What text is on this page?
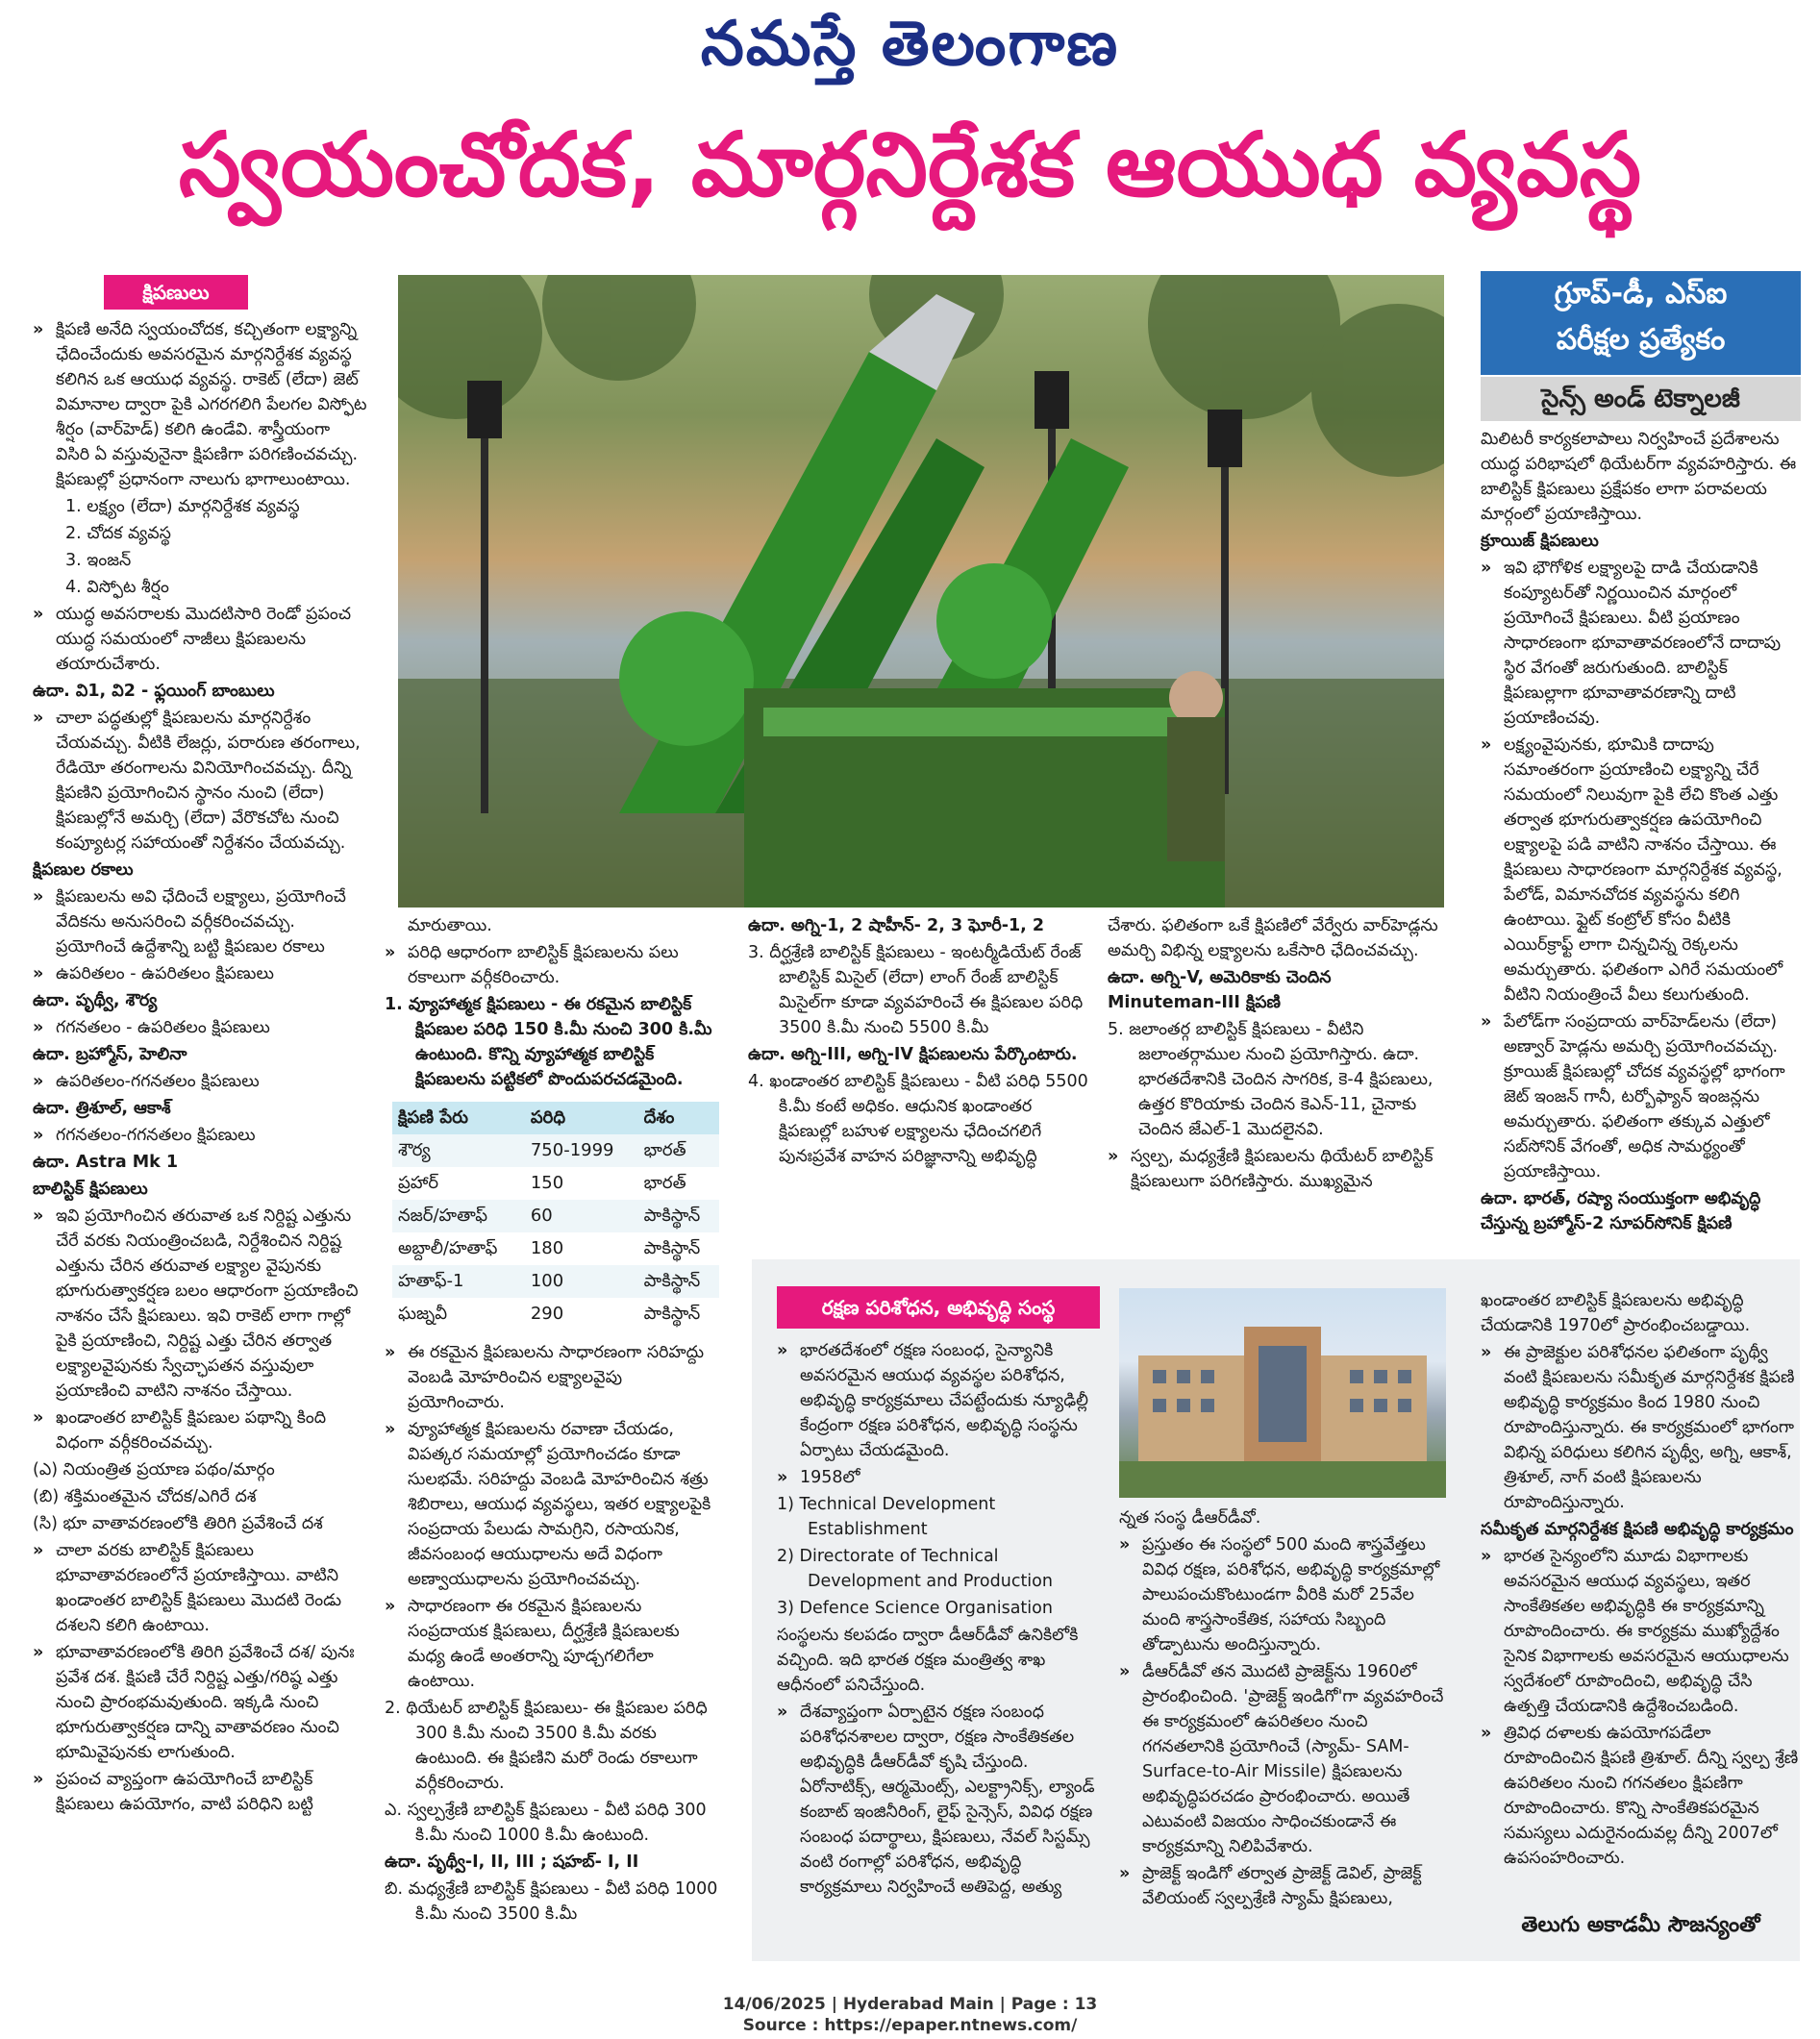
నమస్తే తెలంగాణ
స్వయంచోదక, మార్గనిర్దేశక ఆయుధ వ్యవస్థ
క్షిపణులు

» క్షిపణి అనేది స్వయంచోదక, కచ్చితంగా లక్ష్యాన్ని ఛేదించేందుకు అవసరమైన మార్గనిర్దేశక వ్యవస్థ కలిగిన ఒక ఆయుధ వ్యవస్థ. రాకెట్ (లేదా) జెట్ విమానాల ద్వారా పైకి ఎగరగలిగి పేలగల విస్ఫోట శీర్షం (వార్‌హెడ్) కలిగి ఉండేవి. శాస్త్రీయంగా విసిరి ఏ వస్తువునైనా క్షిపణిగా పరిగణించవచ్చు. క్షిపణుల్లో ప్రధానంగా నాలుగు భాగాలుంటాయి.

1. లక్ష్యం (లేదా) మార్గనిర్దేశక వ్యవస్థ

2. చోదక వ్యవస్థ

3. ఇంజన్

4. విస్ఫోట శీర్షం

» యుద్ధ అవసరాలకు మొదటిసారి రెండో ప్రపంచ యుద్ధ సమయంలో నాజీలు క్షిపణులను తయారుచేశారు.

ఉదా. వి1, వి2 - ఫ్లయింగ్ బాంబులు

» చాలా పద్ధతుల్లో క్షిపణులను మార్గనిర్దేశం చేయవచ్చు. వీటికి లేజర్లు, పరారుణ తరంగాలు, రేడియో తరంగాలను వినియోగించవచ్చు. దీన్ని క్షిపణిని ప్రయోగించిన స్థానం నుంచి (లేదా) క్షిపణుల్లోనే అమర్చి (లేదా) వేరొకచోట నుంచి కంప్యూటర్ల సహాయంతో నిర్దేశనం చేయవచ్చు.

క్షిపణుల రకాలు

» క్షిపణులను అవి ఛేదించే లక్ష్యాలు, ప్రయోగించే వేదికను అనుసరించి వర్గీకరించవచ్చు. ప్రయోగించే ఉద్దేశాన్ని బట్టి క్షిపణుల రకాలు

» ఉపరితలం - ఉపరితలం క్షిపణులు

ఉదా. పృథ్వీ, శౌర్య

» గగనతలం - ఉపరితలం క్షిపణులు

ఉదా. బ్రహ్మోస్, హెలినా

» ఉపరితలం-గగనతలం క్షిపణులు

ఉదా. త్రిశూల్, ఆకాశ్

» గగనతలం-గగనతలం క్షిపణులు

ఉదా. Astra Mk 1

బాలిస్టిక్ క్షిపణులు

» ఇవి ప్రయోగించిన తరువాత ఒక నిర్దిష్ట ఎత్తును చేరే వరకు నియంత్రించబడి, నిర్దేశించిన నిర్దిష్ట ఎత్తును చేరిన తరువాత లక్ష్యాల వైపునకు భూగురుత్వాకర్షణ బలం ఆధారంగా ప్రయాణించి నాశనం చేసే క్షిపణులు. ఇవి రాకెట్ లాగా గాల్లో పైకి ప్రయాణించి, నిర్దిష్ట ఎత్తు చేరిన తర్వాత లక్ష్యాలవైపునకు స్వేచ్ఛాపతన వస్తువులా ప్రయాణించి వాటిని నాశనం చేస్తాయి.

» ఖండాంతర బాలిస్టిక్ క్షిపణుల పథాన్ని కింది విధంగా వర్గీకరించవచ్చు.

(ఎ) నియంత్రిత ప్రయాణ పథం/మార్గం

(బి) శక్తిమంతమైన చోదక/ఎగిరే దశ

(సి) భూ వాతావరణంలోకి తిరిగి ప్రవేశించే దశ

» చాలా వరకు బాలిస్టిక్ క్షిపణులు భూవాతావరణంలోనే ప్రయాణిస్తాయి. వాటిని ఖండాంతర బాలిస్టిక్ క్షిపణులు మొదటి రెండు దశలని కలిగి ఉంటాయి.

» భూవాతావరణంలోకి తిరిగి ప్రవేశించే దశ/ పునః ప్రవేశ దశ. క్షిపణి చేరే నిర్దిష్ట ఎత్తు/గరిష్ఠ ఎత్తు నుంచి ప్రారంభమవుతుంది. ఇక్కడి నుంచి భూగురుత్వాకర్షణ దాన్ని వాతావరణం నుంచి భూమివైపునకు లాగుతుంది.

» ప్రపంచ వ్యాప్తంగా ఉపయోగించే బాలిస్టిక్ క్షిపణులు ఉపయోగం, వాటి పరిధిని బట్టి

మారుతాయి.

» పరిధి ఆధారంగా బాలిస్టిక్ క్షిపణులను పలు రకాలుగా వర్గీకరించారు.

1. వ్యూహాత్మక క్షిపణులు - ఈ రకమైన బాలిస్టిక్ క్షిపణుల పరిధి 150 కి.మీ నుంచి 300 కి.మీ ఉంటుంది. కొన్ని వ్యూహాత్మక బాలిస్టిక్ క్షిపణులను పట్టికలో పొందుపరచడమైంది.

క్షిపణి పేరు	పరిధి	దేశం
శౌర్య	750-1999	భారత్
ప్రహార్	150	భారత్
నజర్/హతాఫ్	60	పాకిస్థాన్
అబ్దాలీ/హతాఫ్	180	పాకిస్థాన్
హతాఫ్-1	100	పాకిస్థాన్
ఘజ్నవీ	290	పాకిస్థాన్

» ఈ రకమైన క్షిపణులను సాధారణంగా సరిహద్దు వెంబడి మోహరించిన లక్ష్యాలవైపు ప్రయోగించారు.

» వ్యూహాత్మక క్షిపణులను రవాణా చేయడం, విపత్కర సమయాల్లో ప్రయోగించడం కూడా సులభమే. సరిహద్దు వెంబడి మోహరించిన శత్రు శిబిరాలు, ఆయుధ వ్యవస్థలు, ఇతర లక్ష్యాలపైకి సంప్రదాయ పేలుడు సామగ్రిని, రసాయనిక, జీవసంబంధ ఆయుధాలను అదే విధంగా అణ్వాయుధాలను ప్రయోగించవచ్చు.

» సాధారణంగా ఈ రకమైన క్షిపణులను సంప్రదాయక క్షిపణులు, దీర్ఘశ్రేణి క్షిపణులకు మధ్య ఉండే అంతరాన్ని పూడ్చగలిగేలా ఉంటాయి.

2. థియేటర్ బాలిస్టిక్ క్షిపణులు- ఈ క్షిపణుల పరిధి 300 కి.మీ నుంచి 3500 కి.మీ వరకు ఉంటుంది. ఈ క్షిపణిని మరో రెండు రకాలుగా వర్గీకరించారు.

ఎ. స్వల్పశ్రేణి బాలిస్టిక్ క్షిపణులు - వీటి పరిధి 300 కి.మీ నుంచి 1000 కి.మీ ఉంటుంది.

ఉదా. పృథ్వీ-I, II, III ; షహబ్- I, II

బి. మధ్యశ్రేణి బాలిస్టిక్ క్షిపణులు - వీటి పరిధి 1000 కి.మీ నుంచి 3500 కి.మీ

ఉదా. అగ్ని-1, 2 షాహీన్- 2, 3 ఘోరీ-1, 2

3. దీర్ఘశ్రేణి బాలిస్టిక్ క్షిపణులు - ఇంటర్మీడియేట్ రేంజ్ బాలిస్టిక్ మిసైల్ (లేదా) లాంగ్ రేంజ్ బాలిస్టిక్ మిసైల్‌గా కూడా వ్యవహరించే ఈ క్షిపణుల పరిధి 3500 కి.మీ నుంచి 5500 కి.మీ

ఉదా. అగ్ని-III, అగ్ని-IV క్షిపణులను పేర్కొంటారు.

4. ఖండాంతర బాలిస్టిక్ క్షిపణులు - వీటి పరిధి 5500 కి.మీ కంటే అధికం. ఆధునిక ఖండాంతర క్షిపణుల్లో బహుళ లక్ష్యాలను ఛేదించగలిగే పునఃప్రవేశ వాహన పరిజ్ఞానాన్ని అభివృద్ధి

చేశారు. ఫలితంగా ఒకే క్షిపణిలో వేర్వేరు వార్‌హెడ్లను అమర్చి విభిన్న లక్ష్యాలను ఒకేసారి ఛేదించవచ్చు.

ఉదా. అగ్ని-V, అమెరికాకు చెందిన Minuteman-III క్షిపణి

5. జలాంతర్గ బాలిస్టిక్ క్షిపణులు - వీటిని జలాంతర్గాముల నుంచి ప్రయోగిస్తారు. ఉదా. భారతదేశానికి చెందిన సాగరిక, కె-4 క్షిపణులు, ఉత్తర కొరియాకు చెందిన కెఎన్-11, చైనాకు చెందిన జేఎల్-1 మొదలైనవి.

» స్వల్ప, మధ్యశ్రేణి క్షిపణులను థియేటర్ బాలిస్టిక్ క్షిపణులుగా పరిగణిస్తారు. ముఖ్యమైన

గ్రూప్-డీ, ఎస్‌ఐ
పరీక్షల ప్రత్యేకం
సైన్స్ అండ్ టెక్నాలజీ

మిలిటరీ కార్యకలాపాలు నిర్వహించే ప్రదేశాలను యుద్ధ పరిభాషలో థియేటర్‌గా వ్యవహరిస్తారు. ఈ బాలిస్టిక్ క్షిపణులు ప్రక్షేపకం లాగా పరావలయ మార్గంలో ప్రయాణిస్తాయి.

క్రూయిజ్ క్షిపణులు

» ఇవి భౌగోళిక లక్ష్యాలపై దాడి చేయడానికి కంప్యూటర్‌తో నిర్ణయించిన మార్గంలో ప్రయోగించే క్షిపణులు. వీటి ప్రయాణం సాధారణంగా భూవాతావరణంలోనే దాదాపు స్థిర వేగంతో జరుగుతుంది. బాలిస్టిక్ క్షిపణుల్లాగా భూవాతావరణాన్ని దాటి ప్రయాణించవు.

» లక్ష్యంవైపునకు, భూమికి దాదాపు సమాంతరంగా ప్రయాణించి లక్ష్యాన్ని చేరే సమయంలో నిలువుగా పైకి లేచి కొంత ఎత్తు తర్వాత భూగురుత్వాకర్షణ ఉపయోగించి లక్ష్యాలపై పడి వాటిని నాశనం చేస్తాయి. ఈ క్షిపణులు సాధారణంగా మార్గనిర్దేశక వ్యవస్థ, పేలోడ్, విమానచోదక వ్యవస్థను కలిగి ఉంటాయి. ఫ్లైట్ కంట్రోల్ కోసం వీటికి ఎయిర్‌క్రాఫ్ట్ లాగా చిన్నచిన్న రెక్కలను అమర్చుతారు. ఫలితంగా ఎగిరే సమయంలో వీటిని నియంత్రించే వీలు కలుగుతుంది.

» పేలోడ్‌గా సంప్రదాయ వార్‌హెడ్‌లను (లేదా) అణ్వార్ హెడ్లను అమర్చి ప్రయోగించవచ్చు. క్రూయిజ్ క్షిపణుల్లో చోదక వ్యవస్థల్లో భాగంగా జెట్ ఇంజన్ గానీ, టర్బోఫ్యాన్ ఇంజన్లను అమర్చుతారు. ఫలితంగా తక్కువ ఎత్తులో సబ్‌సోనిక్ వేగంతో, అధిక సామర్థ్యంతో ప్రయాణిస్తాయి.

ఉదా. భారత్, రష్యా సంయుక్తంగా అభివృద్ధి చేస్తున్న బ్రహ్మోస్-2 సూపర్‌సోనిక్ క్షిపణి

రక్షణ పరిశోధన, అభివృద్ధి సంస్థ

» భారతదేశంలో రక్షణ సంబంధ, సైన్యానికి అవసరమైన ఆయుధ వ్యవస్థల పరిశోధన, అభివృద్ధి కార్యక్రమాలు చేపట్టేందుకు న్యూఢిల్లీ కేంద్రంగా రక్షణ పరిశోధన, అభివృద్ధి సంస్థను ఏర్పాటు చేయడమైంది.

» 1958లో

1) Technical Development Establishment

2) Directorate of Technical Development and Production

3) Defence Science Organisation

సంస్థలను కలపడం ద్వారా డీఆర్‌డీవో ఉనికిలోకి వచ్చింది. ఇది భారత రక్షణ మంత్రిత్వ శాఖ ఆధీనంలో పనిచేస్తుంది.

» దేశవ్యాప్తంగా ఏర్పాటైన రక్షణ సంబంధ పరిశోధనశాలల ద్వారా, రక్షణ సాంకేతికతల అభివృద్ధికి డీఆర్‌డీవో కృషి చేస్తుంది. ఏరోనాటిక్స్, ఆర్మమెంట్స్, ఎలక్ట్రానిక్స్, ల్యాండ్ కంబాట్ ఇంజినీరింగ్, లైఫ్ సైన్సెస్, వివిధ రక్షణ సంబంధ పదార్థాలు, క్షిపణులు, నేవల్ సిస్టమ్స్ వంటి రంగాల్లో పరిశోధన, అభివృద్ధి కార్యక్రమాలు నిర్వహించే అతిపెద్ద, అత్యు

న్నత సంస్థ డీఆర్‌డీవో.

» ప్రస్తుతం ఈ సంస్థలో 500 మంది శాస్త్రవేత్తలు వివిధ రక్షణ, పరిశోధన, అభివృద్ధి కార్యక్రమాల్లో పాలుపంచుకొంటుండగా వీరికి మరో 25వేల మంది శాస్త్రసాంకేతిక, సహాయ సిబ్బంది తోడ్పాటును అందిస్తున్నారు.

» డీఆర్‌డీవో తన మొదటి ప్రాజెక్ట్‌ను 1960లో ప్రారంభించింది. 'ప్రాజెక్ట్ ఇండిగో'గా వ్యవహరించే ఈ కార్యక్రమంలో ఉపరితలం నుంచి గగనతలానికి ప్రయోగించే (స్యామ్- SAM- Surface-to-Air Missile) క్షిపణులను అభివృద్ధిపరచడం ప్రారంభించారు. అయితే ఎటువంటి విజయం సాధించకుండానే ఈ కార్యక్రమాన్ని నిలిపివేశారు.

» ప్రాజెక్ట్ ఇండిగో తర్వాత ప్రాజెక్ట్ డెవిల్, ప్రాజెక్ట్ వేలియంట్ స్వల్పశ్రేణి స్యామ్ క్షిపణులు,

ఖండాంతర బాలిస్టిక్ క్షిపణులను అభివృద్ధి చేయడానికి 1970లో ప్రారంభించబడ్డాయి.

» ఈ ప్రాజెక్టుల పరిశోధనల ఫలితంగా పృథ్వీ వంటి క్షిపణులను సమీకృత మార్గనిర్దేశక క్షిపణి అభివృద్ధి కార్యక్రమం కింద 1980 నుంచి రూపొందిస్తున్నారు. ఈ కార్యక్రమంలో భాగంగా విభిన్న పరిధులు కలిగిన పృథ్వీ, అగ్ని, ఆకాశ్, త్రిశూల్, నాగ్ వంటి క్షిపణులను రూపొందిస్తున్నారు.

సమీకృత మార్గనిర్దేశక క్షిపణి అభివృద్ధి కార్యక్రమం

» భారత సైన్యంలోని మూడు విభాగాలకు అవసరమైన ఆయుధ వ్యవస్థలు, ఇతర సాంకేతికతల అభివృద్ధికి ఈ కార్యక్రమాన్ని రూపొందించారు. ఈ కార్యక్రమ ముఖ్యోద్దేశం సైనిక విభాగాలకు అవసరమైన ఆయుధాలను స్వదేశంలో రూపొందించి, అభివృద్ధి చేసి ఉత్పత్తి చేయడానికి ఉద్దేశించబడింది.

» త్రివిధ దళాలకు ఉపయోగపడేలా రూపొందించిన క్షిపణి త్రిశూల్. దీన్ని స్వల్ప శ్రేణి ఉపరితలం నుంచి గగనతలం క్షిపణిగా రూపొందించారు. కొన్ని సాంకేతికపరమైన సమస్యలు ఎదురైనందువల్ల దీన్ని 2007లో ఉపసంహరించారు.

తెలుగు అకాడమీ సౌజన్యంతో
14/06/2025 | Hyderabad Main | Page : 13
Source : https://epaper.ntnews.com/
